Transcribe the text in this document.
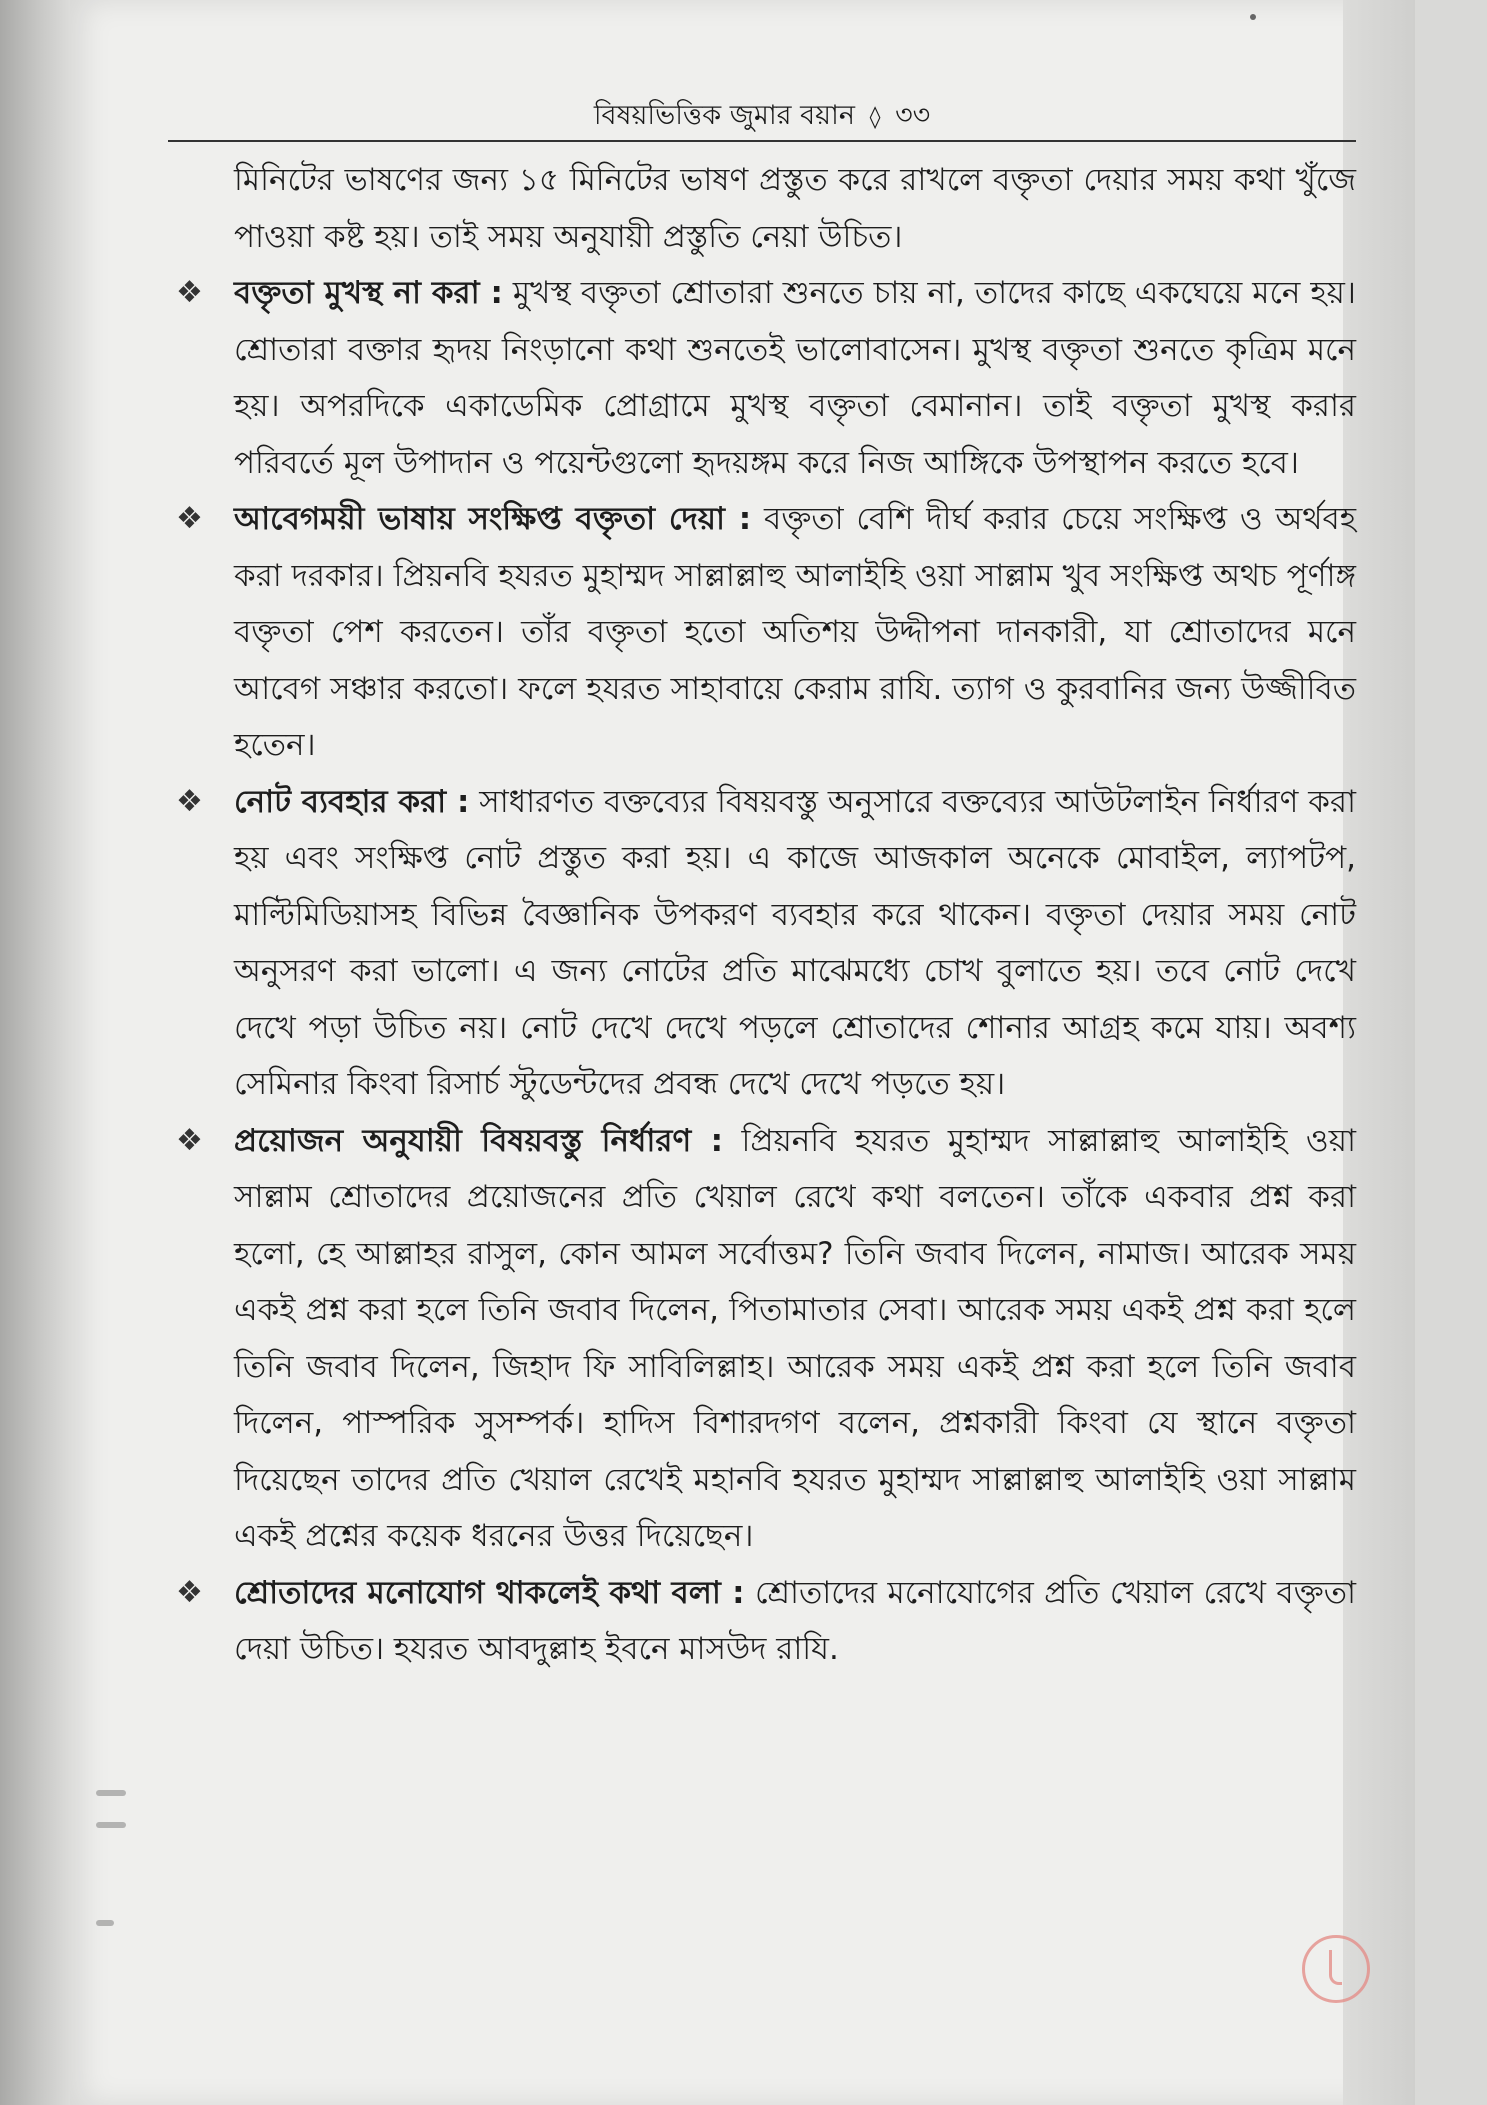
বিষয়ভিত্তিক জুমার বয়ান ◊ ৩৩

মিনিটের ভাষণের জন্য ১৫ মিনিটের ভাষণ প্রস্তুত করে রাখলে বক্তৃতা দেয়ার সময় কথা খুঁজে পাওয়া কষ্ট হয়। তাই সময় অনুযায়ী প্রস্তুতি নেয়া উচিত।

❖ বক্তৃতা মুখস্থ না করা : মুখস্থ বক্তৃতা শ্রোতারা শুনতে চায় না, তাদের কাছে একঘেয়ে মনে হয়। শ্রোতারা বক্তার হৃদয় নিংড়ানো কথা শুনতেই ভালোবাসেন। মুখস্থ বক্তৃতা শুনতে কৃত্রিম মনে হয়। অপরদিকে একাডেমিক প্রোগ্রামে মুখস্থ বক্তৃতা বেমানান। তাই বক্তৃতা মুখস্থ করার পরিবর্তে মূল উপাদান ও পয়েন্টগুলো হৃদয়ঙ্গম করে নিজ আঙ্গিকে উপস্থাপন করতে হবে।

❖ আবেগময়ী ভাষায় সংক্ষিপ্ত বক্তৃতা দেয়া : বক্তৃতা বেশি দীর্ঘ করার চেয়ে সংক্ষিপ্ত ও অর্থবহ করা দরকার। প্রিয়নবি হযরত মুহাম্মদ সাল্লাল্লাহু আলাইহি ওয়া সাল্লাম খুব সংক্ষিপ্ত অথচ পূর্ণাঙ্গ বক্তৃতা পেশ করতেন। তাঁর বক্তৃতা হতো অতিশয় উদ্দীপনা দানকারী, যা শ্রোতাদের মনে আবেগ সঞ্চার করতো। ফলে হযরত সাহাবায়ে কেরাম রাযি. ত্যাগ ও কুরবানির জন্য উজ্জীবিত হতেন।

❖ নোট ব্যবহার করা : সাধারণত বক্তব্যের বিষয়বস্তু অনুসারে বক্তব্যের আউটলাইন নির্ধারণ করা হয় এবং সংক্ষিপ্ত নোট প্রস্তুত করা হয়। এ কাজে আজকাল অনেকে মোবাইল, ল্যাপটপ, মাল্টিমিডিয়াসহ বিভিন্ন বৈজ্ঞানিক উপকরণ ব্যবহার করে থাকেন। বক্তৃতা দেয়ার সময় নোট অনুসরণ করা ভালো। এ জন্য নোটের প্রতি মাঝেমধ্যে চোখ বুলাতে হয়। তবে নোট দেখে দেখে পড়া উচিত নয়। নোট দেখে দেখে পড়লে শ্রোতাদের শোনার আগ্রহ কমে যায়। অবশ্য সেমিনার কিংবা রিসার্চ স্টুডেন্টদের প্রবন্ধ দেখে দেখে পড়তে হয়।

❖ প্রয়োজন অনুযায়ী বিষয়বস্তু নির্ধারণ : প্রিয়নবি হযরত মুহাম্মদ সাল্লাল্লাহু আলাইহি ওয়া সাল্লাম শ্রোতাদের প্রয়োজনের প্রতি খেয়াল রেখে কথা বলতেন। তাঁকে একবার প্রশ্ন করা হলো, হে আল্লাহর রাসুল, কোন আমল সর্বোত্তম? তিনি জবাব দিলেন, নামাজ। আরেক সময় একই প্রশ্ন করা হলে তিনি জবাব দিলেন, পিতামাতার সেবা। আরেক সময় একই প্রশ্ন করা হলে তিনি জবাব দিলেন, জিহাদ ফি সাবিলিল্লাহ। আরেক সময় একই প্রশ্ন করা হলে তিনি জবাব দিলেন, পাস্পরিক সুসম্পর্ক। হাদিস বিশারদগণ বলেন, প্রশ্নকারী কিংবা যে স্থানে বক্তৃতা দিয়েছেন তাদের প্রতি খেয়াল রেখেই মহানবি হযরত মুহাম্মদ সাল্লাল্লাহু আলাইহি ওয়া সাল্লাম একই প্রশ্নের কয়েক ধরনের উত্তর দিয়েছেন।

❖ শ্রোতাদের মনোযোগ থাকলেই কথা বলা : শ্রোতাদের মনোযোগের প্রতি খেয়াল রেখে বক্তৃতা দেয়া উচিত। হযরত আবদুল্লাহ ইবনে মাসউদ রাযি.
